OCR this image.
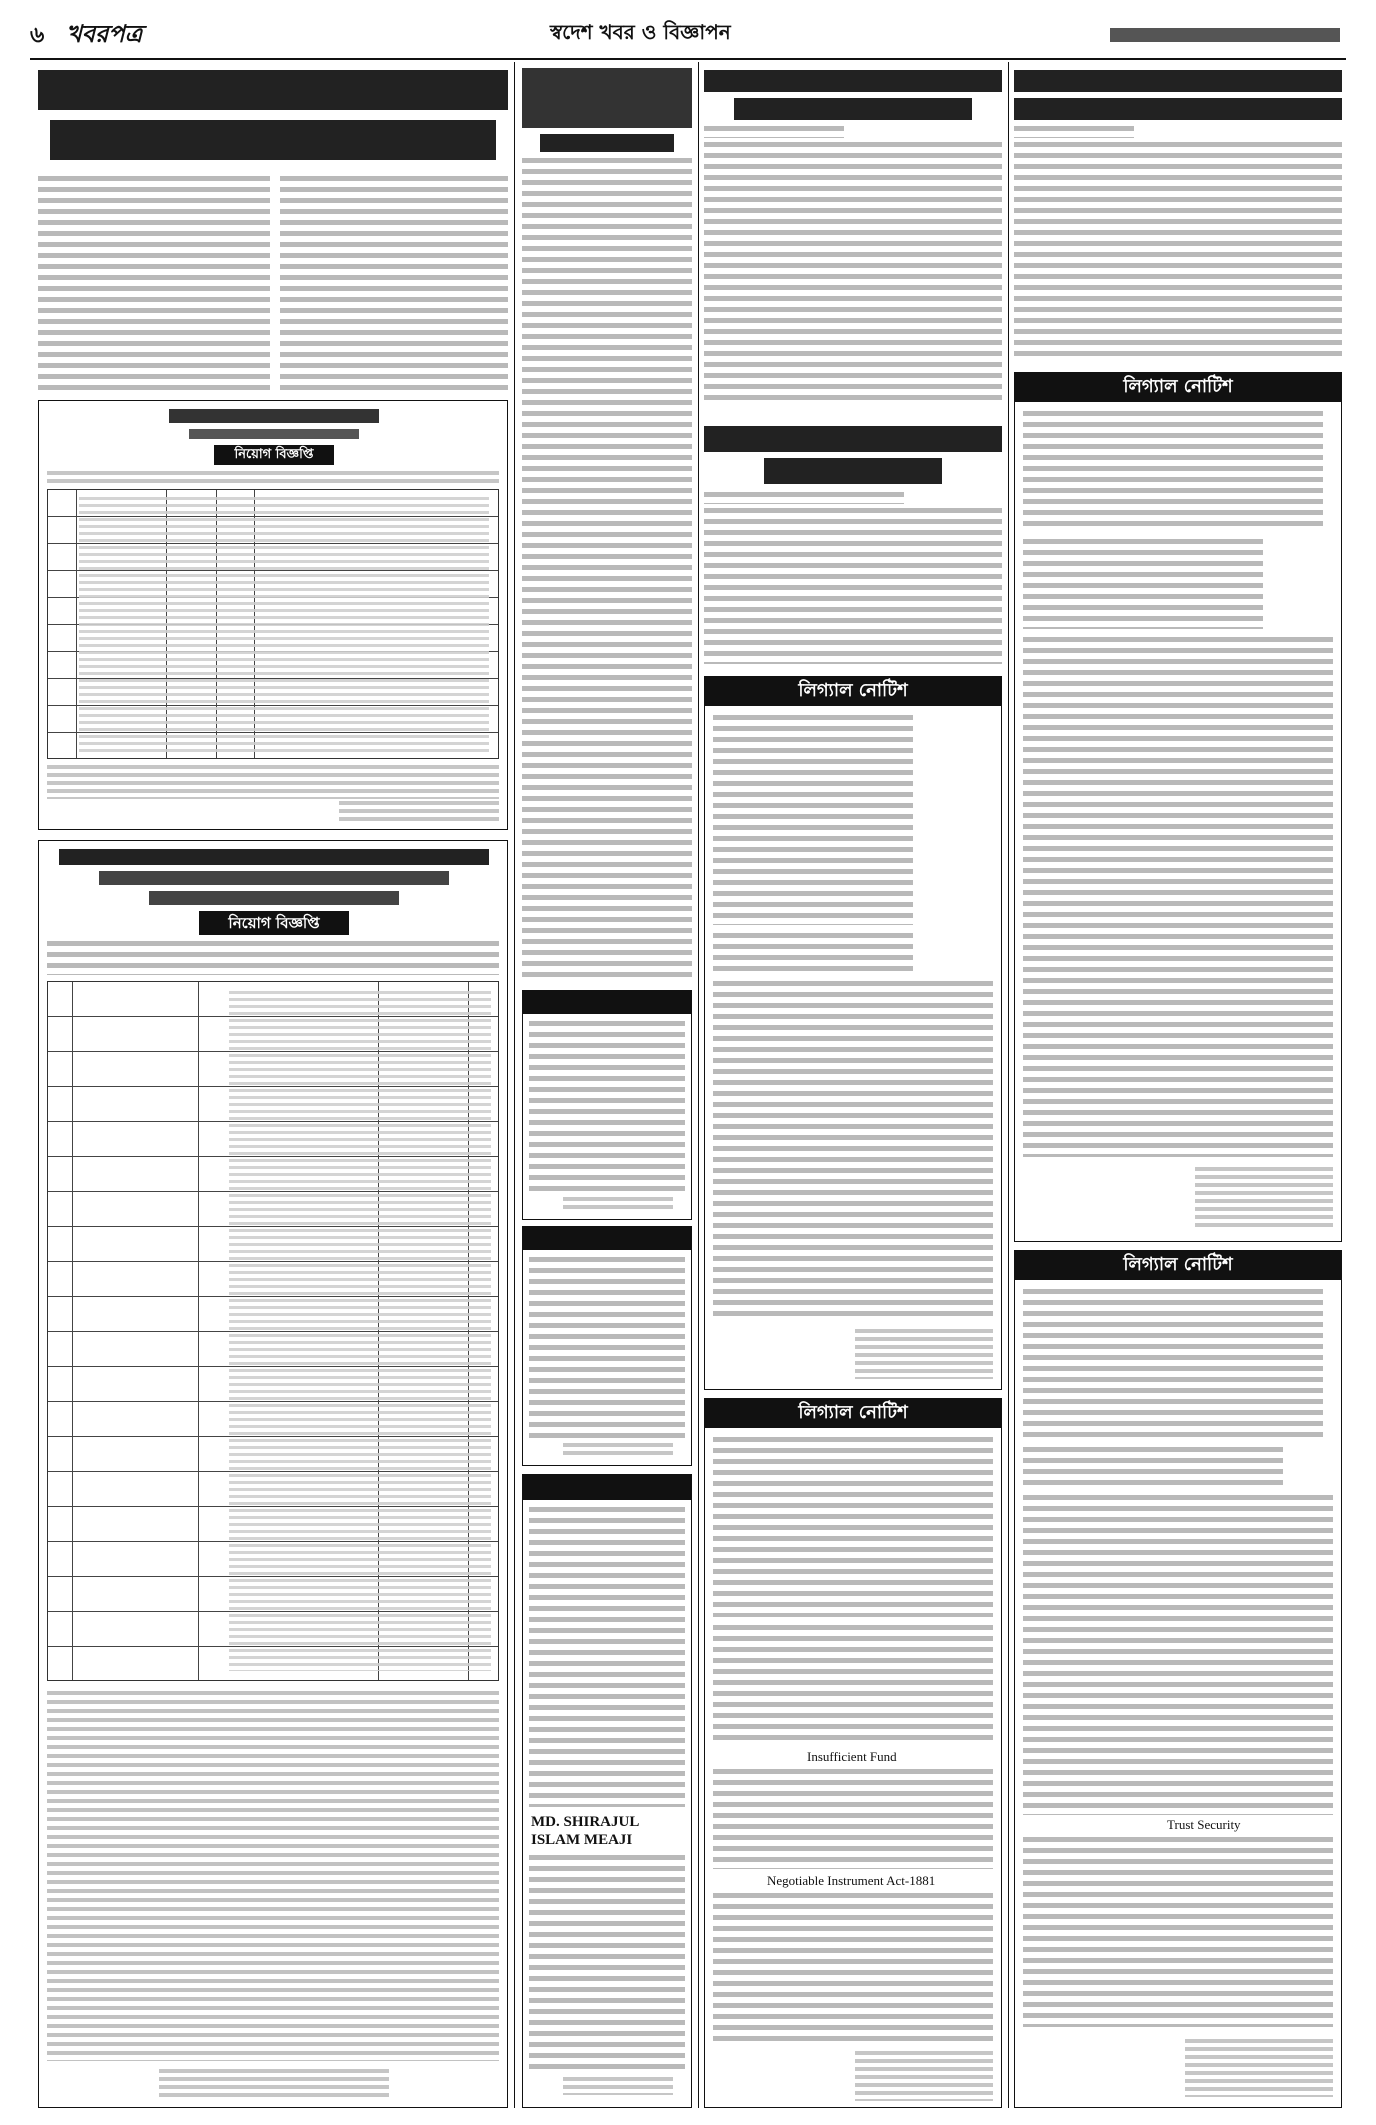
৬ খবরপত্র	স্বদেশ খবর ও বিজ্ঞাপন
নিয়োগ বিজ্ঞপ্তি
নিয়োগ বিজ্ঞপ্তি
MD. SHIRAJUL ISLAM MEAJI
লিগ্যাল নোটিশ
লিগ্যাল নোটিশ
Insufficient Fund
Negotiable Instrument Act-1881
লিগ্যাল নোটিশ
লিগ্যাল নোটিশ
Trust Security
